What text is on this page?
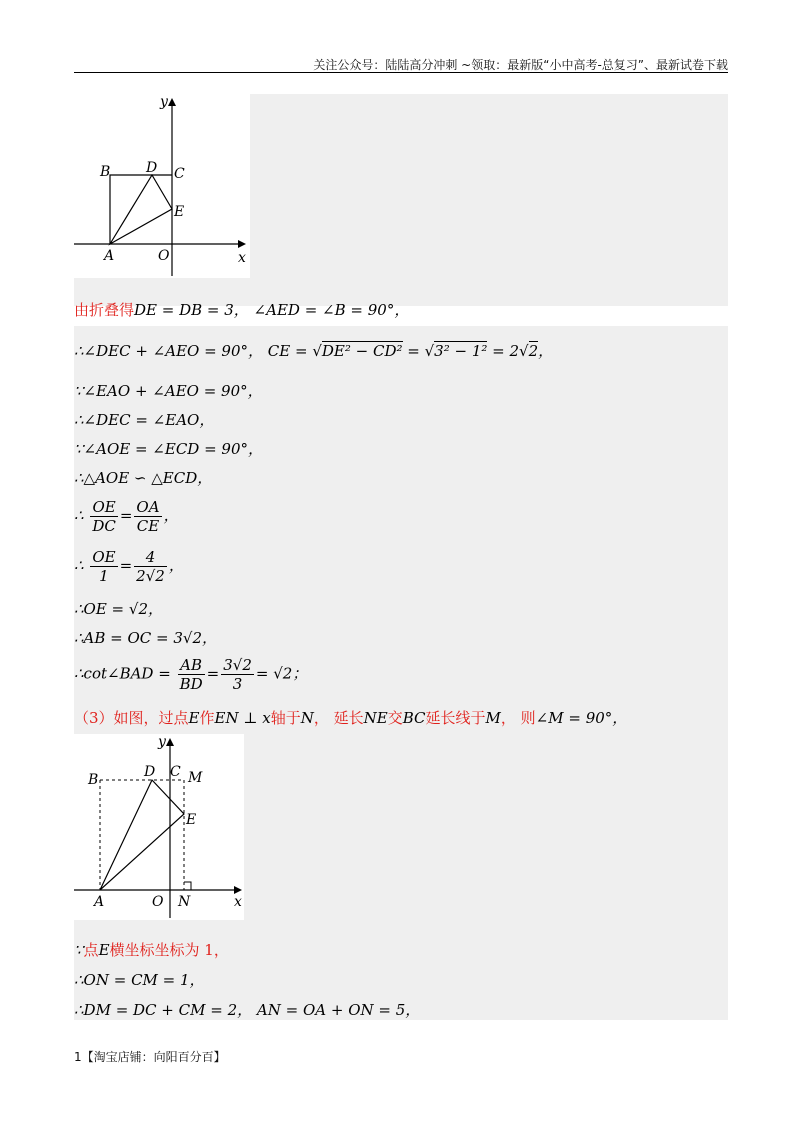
关注公众号：陆陆高分冲刺 ~领取：最新版“小中高考-总复习”、最新试卷下载
y
x
B	D C
E
A	O
由折叠得DE = DB = 3， ∠AED = ∠B = 90°，
∴∠DEC + ∠AEO = 90°， CE = √DE² − CD² = √3² − 1² = 2√2，
∵∠EAO + ∠AEO = 90°，
∴∠DEC = ∠EAO，
∵∠AOE = ∠ECD = 90°，
∴△AOE ∽ △ECD，
∴ $\frac{OE}{DC} = \frac{OA}{CE}$ ，
∴ $\frac{OE}{1} = \frac{4}{2√2}$ ，
∴OE = √2，
∴AB = OC = 3√2，
∴cot∠BAD = $\frac{AB}{BD} = \frac{3√2}{3} = √2$；
（3）如图，过点E作EN ⊥ x轴于N， 延长NE交BC延长线于M， 则∠M = 90°，
y
x
B	D C M
E
A	O N
∵点E横坐标坐标为 1，
∴ON = CM = 1，
∴DM = DC + CM = 2， AN = OA + ON = 5，
1【淘宝店铺：向阳百分百】
